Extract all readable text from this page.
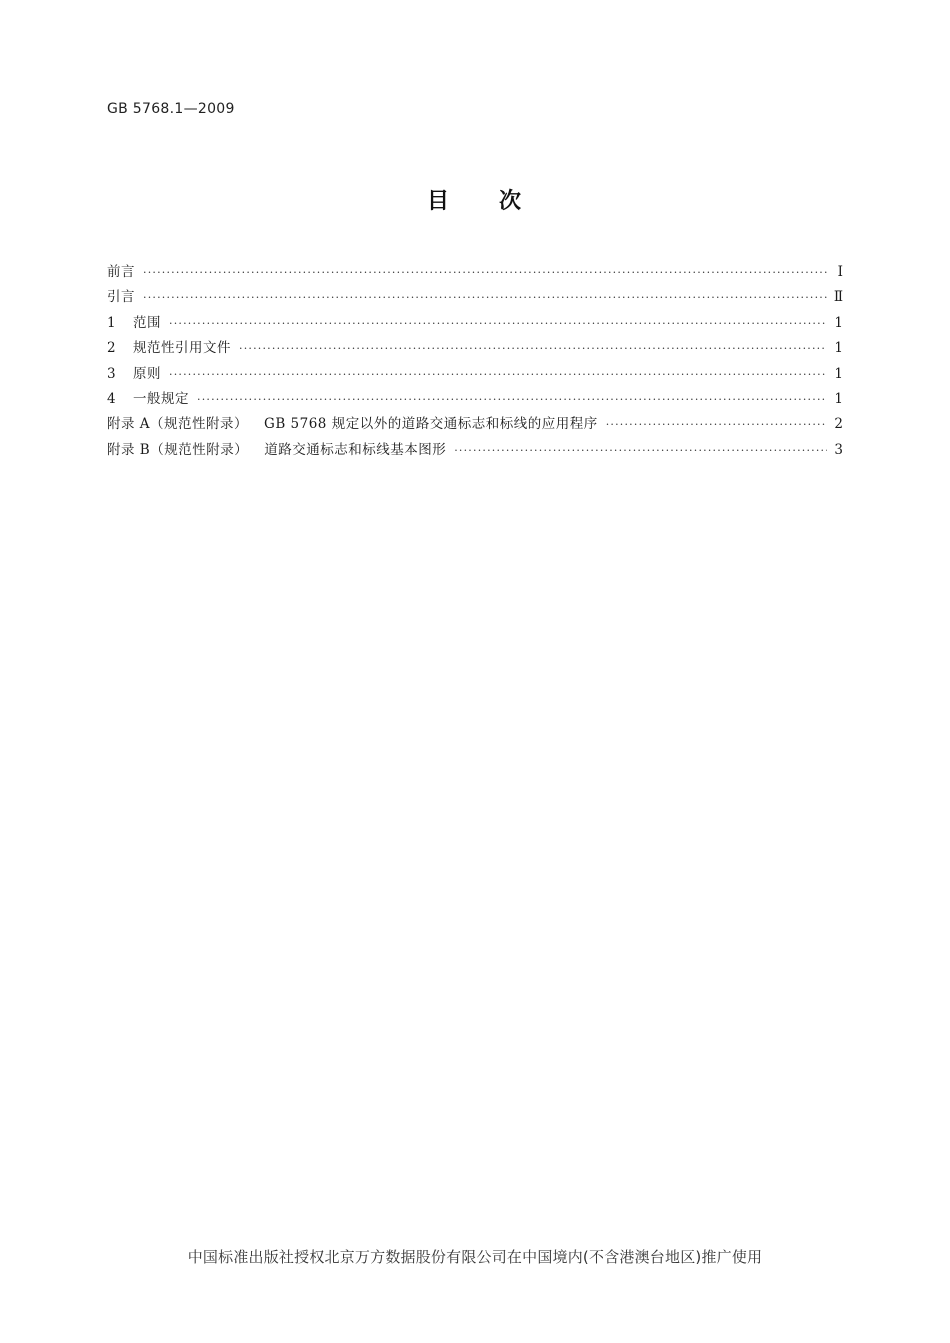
GB 5768.1—2009
目 次
前言 ·····	Ⅰ
引言 ·····	Ⅱ
1	范围 ·····	1
2	规范性引用文件 ·····	1
3	原则 ·····	1
4	一般规定 ·····	1
附录 A（规范性附录） GB 5768 规定以外的道路交通标志和标线的应用程序 ·····	2
附录 B（规范性附录） 道路交通标志和标线基本图形 ·····	3
中国标准出版社授权北京万方数据股份有限公司在中国境内(不含港澳台地区)推广使用
